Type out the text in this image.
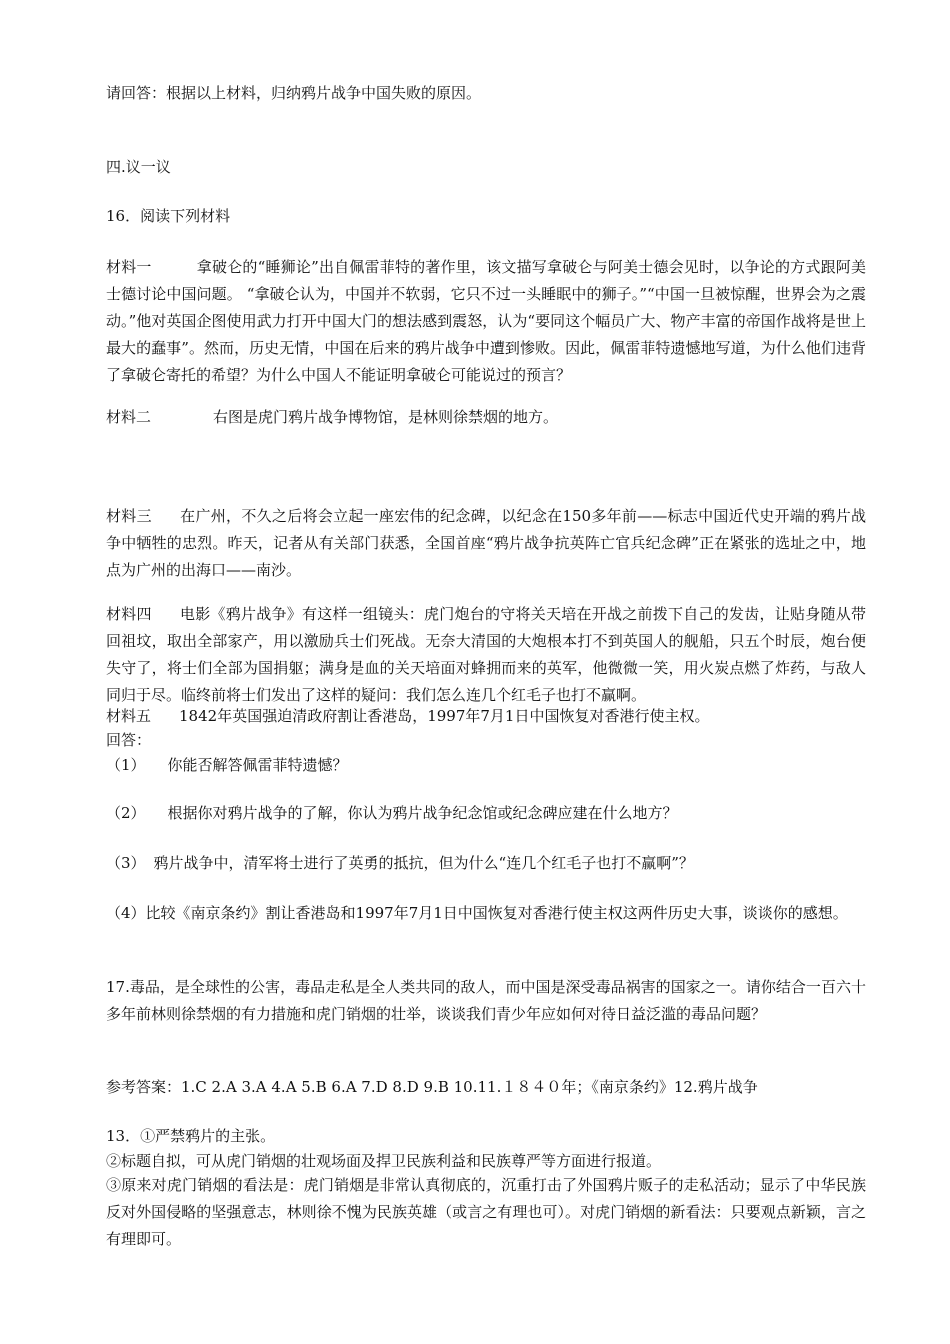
请回答：根据以上材料，归纳鸦片战争中国失败的原因。

四.议一议

16．阅读下列材料

材料一	拿破仑的“睡狮论”出自佩雷菲特的著作里，该文描写拿破仑与阿美士德会见时，以争论的方式跟阿美士德讨论中国问题。 “拿破仑认为，中国并不软弱，它只不过一头睡眠中的狮子。”“中国一旦被惊醒，世界会为之震动。”他对英国企图使用武力打开中国大门的想法感到震怒，认为“要同这个幅员广大、物产丰富的帝国作战将是世上最大的蠢事”。然而，历史无情，中国在后来的鸦片战争中遭到惨败。因此，佩雷菲特遗憾地写道，为什么他们违背了拿破仑寄托的希望？为什么中国人不能证明拿破仑可能说过的预言？

材料二	右图是虎门鸦片战争博物馆，是林则徐禁烟的地方。

材料三 在广州，不久之后将会立起一座宏伟的纪念碑，以纪念在150多年前——标志中国近代史开端的鸦片战争中牺牲的忠烈。昨天，记者从有关部门获悉，全国首座“鸦片战争抗英阵亡官兵纪念碑”正在紧张的选址之中，地点为广州的出海口——南沙。

材料四 电影《鸦片战争》有这样一组镜头：虎门炮台的守将关天培在开战之前拨下自己的发齿，让贴身随从带回祖坟，取出全部家产，用以激励兵士们死战。无奈大清国的大炮根本打不到英国人的舰船，只五个时辰，炮台便失守了，将士们全部为国捐躯；满身是血的关天培面对蜂拥而来的英军，他微微一笑，用火炭点燃了炸药，与敌人同归于尽。临终前将士们发出了这样的疑问：我们怎么连几个红毛子也打不赢啊。

材料五 1842年英国强迫清政府割让香港岛，1997年7月1日中国恢复对香港行使主权。

回答：

（1） 你能否解答佩雷菲特遗憾？

（2） 根据你对鸦片战争的了解，你认为鸦片战争纪念馆或纪念碑应建在什么地方？

（3） 鸦片战争中，清军将士进行了英勇的抵抗，但为什么“连几个红毛子也打不赢啊”？

（4）比较《南京条约》割让香港岛和1997年7月1日中国恢复对香港行使主权这两件历史大事，谈谈你的感想。

17.毒品，是全球性的公害，毒品走私是全人类共同的敌人，而中国是深受毒品祸害的国家之一。请你结合一百六十多年前林则徐禁烟的有力措施和虎门销烟的壮举，谈谈我们青少年应如何对待日益泛滥的毒品问题？

参考答案：1.C 2.A 3.A 4.A 5.B 6.A 7.D 8.D 9.B 10.11.１８４０年；《南京条约》12.鸦片战争

13．①严禁鸦片的主张。

②标题自拟，可从虎门销烟的壮观场面及捍卫民族利益和民族尊严等方面进行报道。

③原来对虎门销烟的看法是：虎门销烟是非常认真彻底的，沉重打击了外国鸦片贩子的走私活动；显示了中华民族反对外国侵略的坚强意志，林则徐不愧为民族英雄（或言之有理也可）。对虎门销烟的新看法：只要观点新颖，言之有理即可。
